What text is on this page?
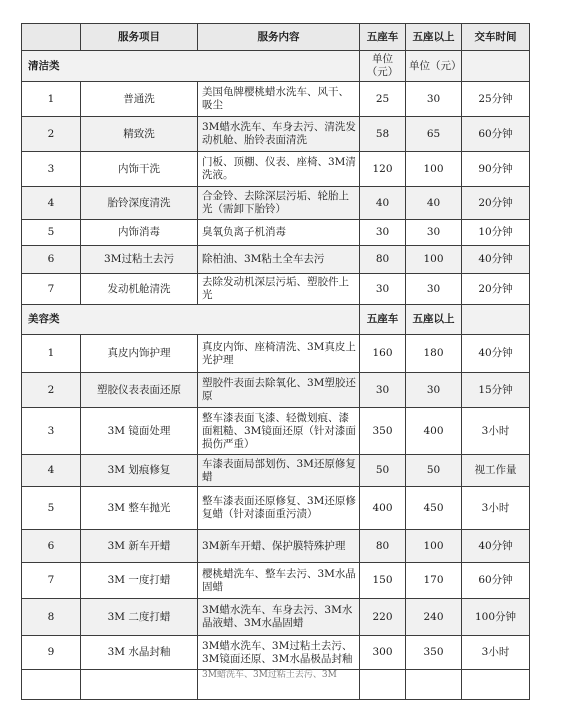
	服务项目	服务内容	五座车	五座以上	交车时间
清洁类			单位（元）	单位（元）	
1	普通洗	美国龟牌樱桃蜡水洗车、风干、吸尘	25	30	25分钟
2	精致洗	3M蜡水洗车、车身去污、清洗发动机舱、胎铃表面清洗	58	65	60分钟
3	内饰干洗	门板、顶棚、仪表、座椅、3M清洗液。	120	100	90分钟
4	胎铃深度清洗	合金铃、去除深层污垢、轮胎上光（需卸下胎铃）	40	40	20分钟
5	内饰消毒	臭氧负离子机消毒	30	30	10分钟
6	3M过粘土去污	除柏油、3M粘土全车去污	80	100	40分钟
7	发动机舱清洗	去除发动机深层污垢、塑胶件上光	30	30	20分钟
美容类			五座车	五座以上	
1	真皮内饰护理	真皮内饰、座椅清洗、3M真皮上光护理	160	180	40分钟
2	塑胶仪表表面还原	塑胶件表面去除氧化、3M塑胶还原	30	30	15分钟
3	3M 镜面处理	整车漆表面飞漆、轻微划痕、漆面粗糙、3M镜面还原（针对漆面损伤严重）	350	400	3小时
4	3M 划痕修复	车漆表面局部划伤、3M还原修复蜡	50	50	视工作量
5	3M 整车抛光	整车漆表面还原修复、3M还原修复蜡（针对漆面重污渍）	400	450	3小时
6	3M 新车开蜡	3M新车开蜡、保护膜特殊护理	80	100	40分钟
7	3M 一度打蜡	樱桃蜡洗车、整车去污、3M水晶固蜡	150	170	60分钟
8	3M 二度打蜡	3M蜡水洗车、车身去污、3M水晶液蜡、3M水晶固蜡	220	240	100分钟
9	3M 水晶封釉	3M蜡水洗车、3M过粘土去污、3M镜面还原、3M水晶极品封釉	300	350	3小时
		3M蜡洗车、3M过粘土去污、3M			
